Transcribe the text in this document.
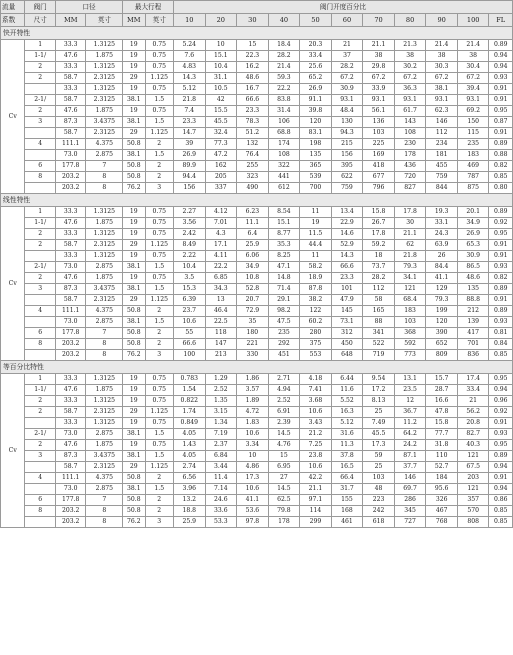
流量	阀门	口径		最大行程		阀门开度百分比										
系数	尺寸	MM	英寸	MM	英寸	10	20	30	40	50	60	70	80	90	100	FL
快开特性																
Cv	1	33.3	1.3125	19	0.75	5.24	10	15	18.4	20.3	21	21.1	21.3	21.4	21.4	0.89
	1-1/	47.6	1.875	19	0.75	7.6	15.1	22.3	28.2	33.4	37	38	38	38	38	0.94
	2	33.3	1.3125	19	0.75	4.83	10.4	16.2	21.4	25.6	28.2	29.8	30.2	30.3	30.4	0.94
	2	58.7	2.3125	29	1.125	14.3	31.1	48.6	59.3	65.2	67.2	67.2	67.2	67.2	67.2	0.93
		33.3	1.3125	19	0.75	5.12	10.5	16.7	22.2	26.9	30.9	33.9	36.3	38.1	39.4	0.91
	2-1/	58.7	2.3125	38.1	1.5	21.8	42	66.6	83.8	91.1	93.1	93.1	93.1	93.1	93.1	0.91
	2	47.6	1.875	19	0.75	7.4	15.5	23.3	31.4	39.8	48.4	56.1	61.7	62.3	69.2	0.95
	3	87.3	3.4375	38.1	1.5	23.3	45.5	78.3	106	120	130	136	143	146	150	0.87
		58.7	2.3125	29	1.125	14.7	32.4	51.2	68.8	83.1	94.3	103	108	112	115	0.91
	4	111.1	4.375	50.8	2	39	77.3	132	174	198	215	225	230	234	235	0.89
		73.0	2.875	38.1	1.5	26.9	47.2	76.4	108	135	156	169	178	181	183	0.88
	6	177.8	7	50.8	2	89.9	162	255	322	365	395	418	436	455	469	0.82
	8	203.2	8	50.8	2	94.4	205	323	441	539	622	677	720	759	787	0.85
		203.2	8	76.2	3	156	337	490	612	700	759	796	827	844	875	0.80
线性特性																
Cv	1	33.3	1.3125	19	0.75	2.27	4.12	6.23	8.54	11	13.4	15.8	17.8	19.3	20.1	0.89
	1-1/	47.6	1.875	19	0.75	3.56	7.01	11.1	15.1	19	22.9	26.7	30	33.1	34.9	0.92
	2	33.3	1.3125	19	0.75	2.42	4.3	6.4	8.77	11.5	14.6	17.8	21.1	24.3	26.9	0.95
	2	58.7	2.3125	29	1.125	8.49	17.1	25.9	35.3	44.4	52.9	59.2	62	63.9	65.3	0.91
		33.3	1.3125	19	0.75	2.22	4.11	6.06	8.25	11	14.3	18	21.8	26	30.9	0.91
	2-1/	73.0	2.875	38.1	1.5	10.4	22.2	34.9	47.1	58.2	66.6	73.7	79.3	84.4	86.5	0.93
	2	47.6	1.875	19	0.75	3.5	6.85	10.8	14.8	18.9	23.3	28.2	34.1	41.1	48.6	0.82
	3	87.3	3.4375	38.1	1.5	15.3	34.3	52.8	71.4	87.8	101	112	121	129	135	0.89
		58.7	2.3125	29	1.125	6.39	13	20.7	29.1	38.2	47.9	58	68.4	79.3	88.8	0.91
	4	111.1	4.375	50.8	2	23.7	46.4	72.9	98.2	122	145	165	183	199	212	0.89
		73.0	2.875	38.1	1.5	10.6	22.5	35	47.5	60.2	73.1	88	103	120	139	0.93
	6	177.8	7	50.8	2	55	118	180	235	280	312	341	368	390	417	0.81
	8	203.2	8	50.8	2	66.6	147	221	292	375	450	522	592	652	701	0.84
		203.2	8	76.2	3	100	213	330	451	553	648	719	773	809	836	0.85
等百分比特性																
Cv	1	33.3	1.3125	19	0.75	0.783	1.29	1.86	2.71	4.18	6.44	9.54	13.1	15.7	17.4	0.95
	1-1/	47.6	1.875	19	0.75	1.54	2.52	3.57	4.94	7.41	11.6	17.2	23.5	28.7	33.4	0.94
	2	33.3	1.3125	19	0.75	0.822	1.35	1.89	2.52	3.68	5.52	8.13	12	16.6	21	0.96
	2	58.7	2.3125	29	1.125	1.74	3.15	4.72	6.91	10.6	16.3	25	36.7	47.8	56.2	0.92
		33.3	1.3125	19	0.75	0.849	1.34	1.83	2.39	3.43	5.12	7.49	11.2	15.8	20.8	0.91
	2-1/	73.0	2.875	38.1	1.5	4.05	7.19	10.6	14.5	21.2	31.6	45.5	64.2	77.7	82.7	0.93
	2	47.6	1.875	19	0.75	1.43	2.37	3.34	4.76	7.25	11.3	17.3	24.2	31.8	40.3	0.95
	3	87.3	3.4375	38.1	1.5	4.05	6.84	10	15	23.8	37.8	59	87.1	110	121	0.89
		58.7	2.3125	29	1.125	2.74	3.44	4.86	6.95	10.6	16.5	25	37.7	52.7	67.5	0.94
	4	111.1	4.375	50.8	2	6.56	11.4	17.3	27	42.2	66.4	103	146	184	203	0.91
		73.0	2.875	38.1	1.5	3.96	7.14	10.6	14.5	21.1	31.7	48	69.7	95.6	121	0.94
	6	177.8	7	50.8	2	13.2	24.6	41.1	62.5	97.1	155	223	286	326	357	0.86
	8	203.2	8	50.8	2	18.8	33.6	53.6	79.8	114	168	242	345	467	570	0.85
		203.2	8	76.2	3	25.9	53.3	97.8	178	299	461	618	727	768	808	0.85
